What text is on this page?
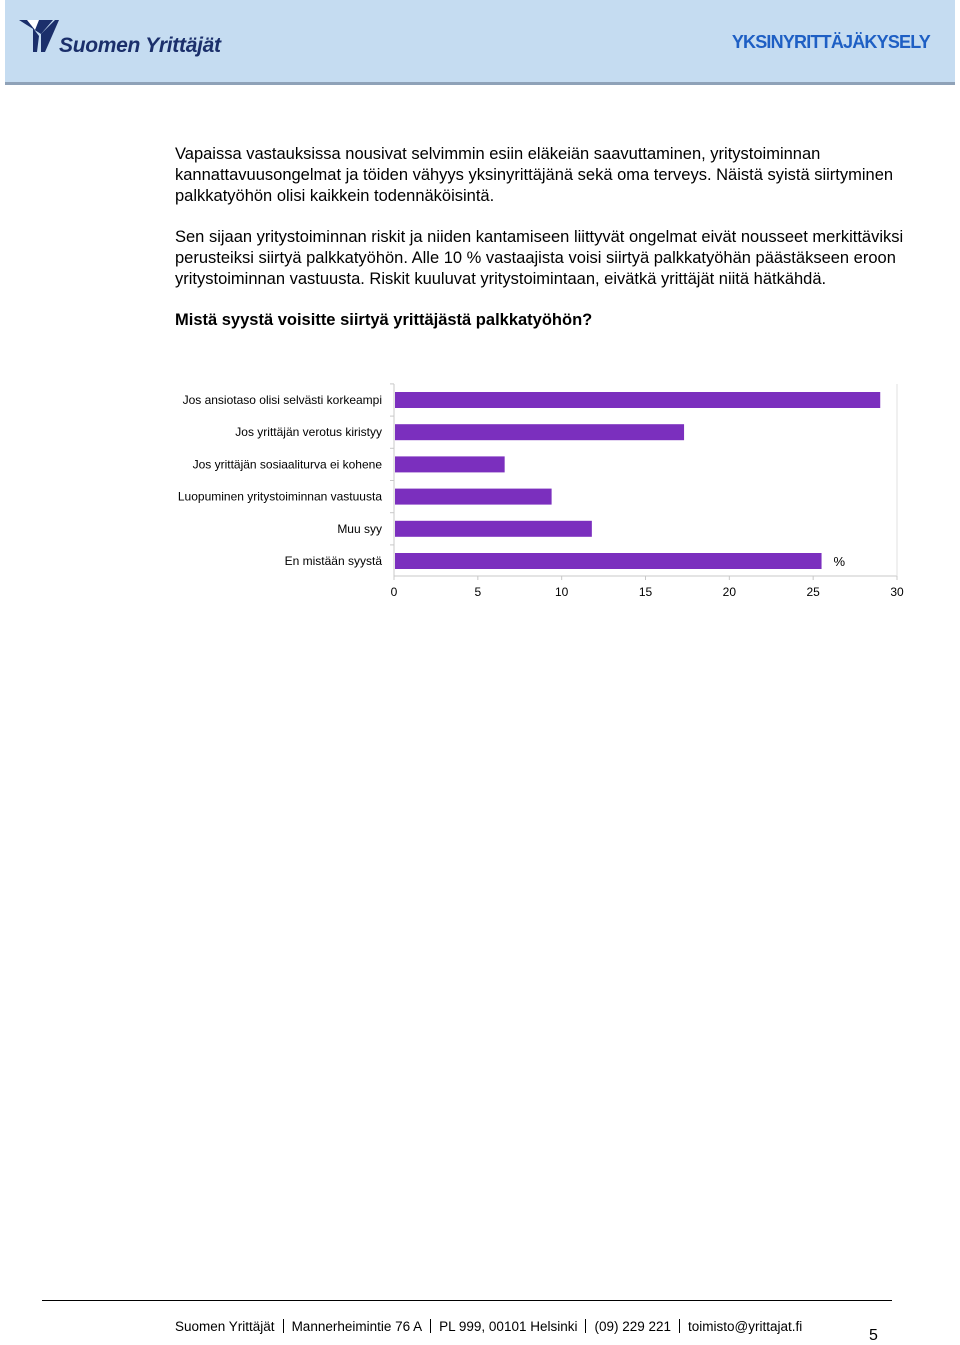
Suomen Yrittäjät	YKSINYRITTÄJÄKYSELY

Vapaissa vastauksissa nousivat selvimmin esiin eläkeiän saavuttaminen, yritystoiminnan kannattavuusongelmat ja töiden vähyys yksinyrittäjänä sekä oma terveys. Näistä syistä siirtyminen palkkatyöhön olisi kaikkein todennäköisintä.

Sen sijaan yritystoiminnan riskit ja niiden kantamiseen liittyvät ongelmat eivät nousseet merkittäviksi perusteiksi siirtyä palkkatyöhön. Alle 10 % vastaajista voisi siirtyä palkkatyöhän päästäkseen eroon yritystoiminnan vastuusta. Riskit kuuluvat yritystoimintaan, eivätkä yrittäjät niitä hätkähdä.

Mistä syystä voisitte siirtyä yrittäjästä palkkatyöhön?

Jos ansiotaso olisi selvästi korkeampi
Jos yrittäjän verotus kiristyy
Jos yrittäjän sosiaaliturva ei kohene
Luopuminen yritystoiminnan vastuusta
Muu syy
En mistään syystä
0	5	10	15	20	25	30
%
Suomen Yrittäjät Mannerheimintie 76 A PL 999, 00101 Helsinki (09) 229 221 toimisto@yrittajat.fi
5
